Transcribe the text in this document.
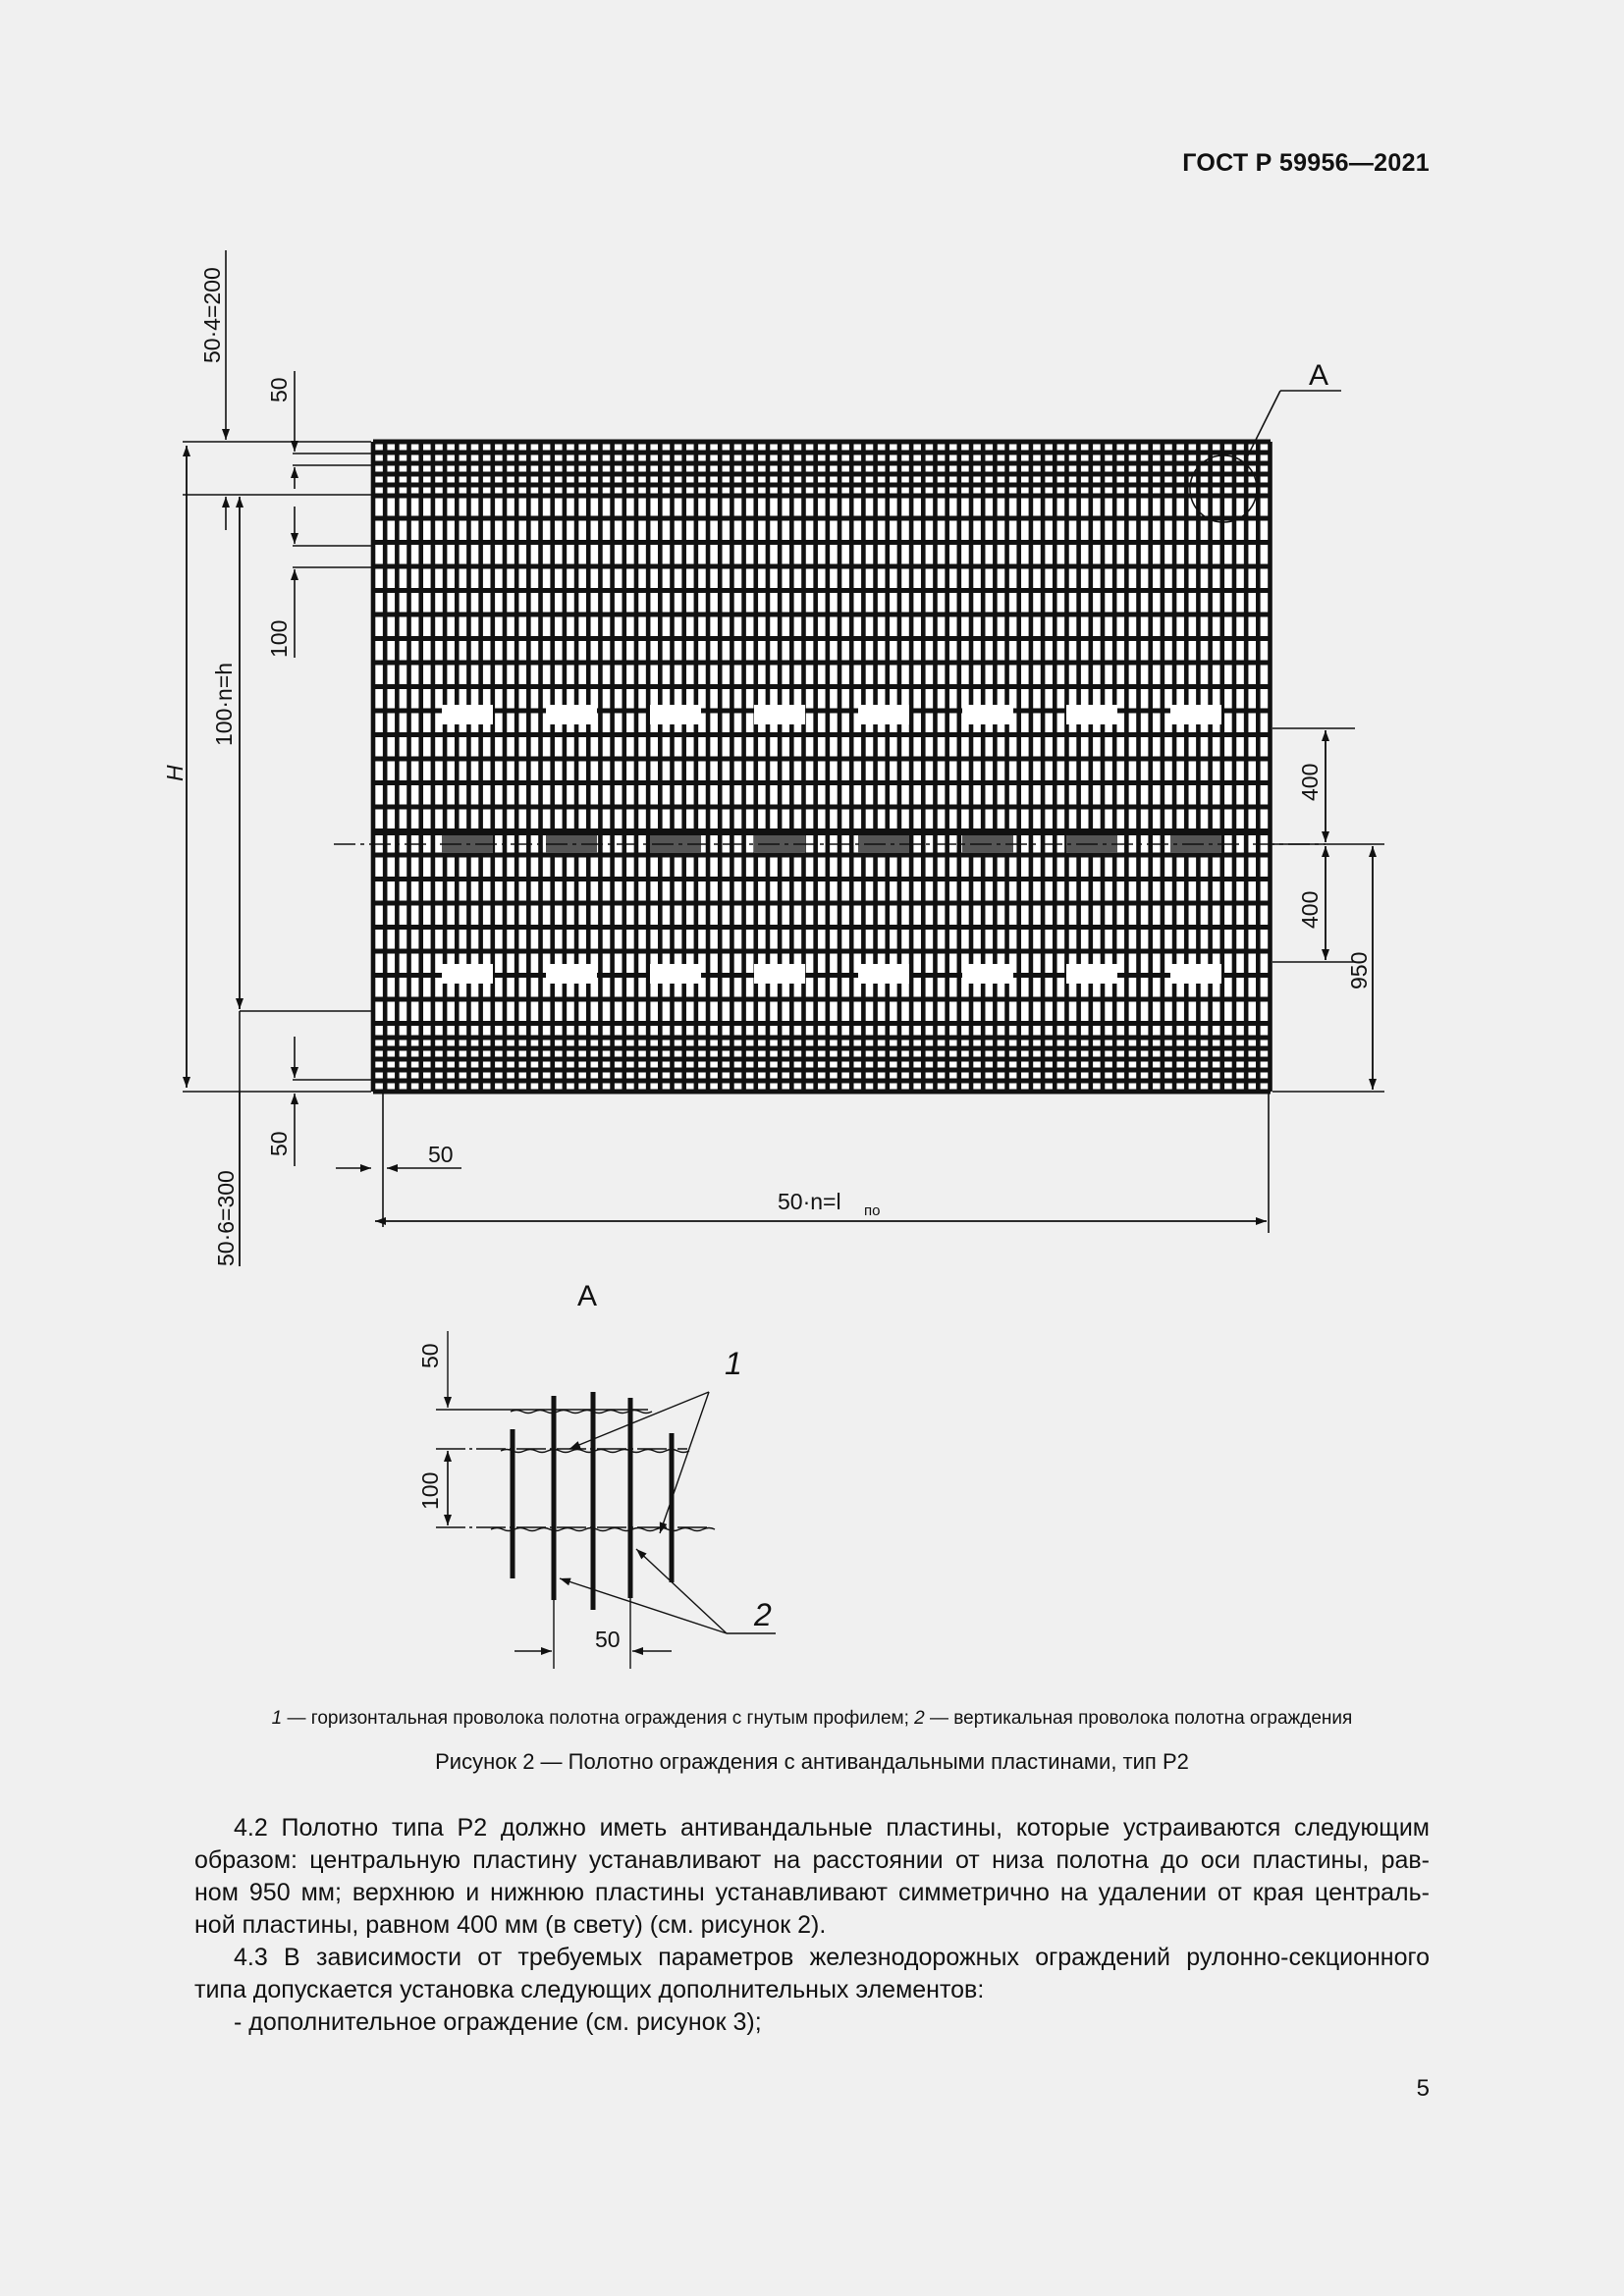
ГОСТ Р 59956—2021
A
50·4=200
50
100
H
100·n=h
50·6=300
50	50
50·n=l по
400
400
950
А
50
100
50
1
2
1 — горизонтальная проволока полотна ограждения с гнутым профилем; 2 — вертикальная проволока полотна ограждения
Рисунок 2 — Полотно ограждения с антивандальными пластинами, тип Р2

4.2 Полотно типа Р2 должно иметь антивандальные пластины, которые устраиваются следующим

образом: центральную пластину устанавливают на расстоянии от низа полотна до оси пластины, рав-

ном 950 мм; верхнюю и нижнюю пластины устанавливают симметрично на удалении от края централь-

ной пластины, равном 400 мм (в свету) (см. рисунок 2).

4.3 В зависимости от требуемых параметров железнодорожных ограждений рулонно-секционного

типа допускается установка следующих дополнительных элементов:

- дополнительное ограждение (см. рисунок 3);

5
